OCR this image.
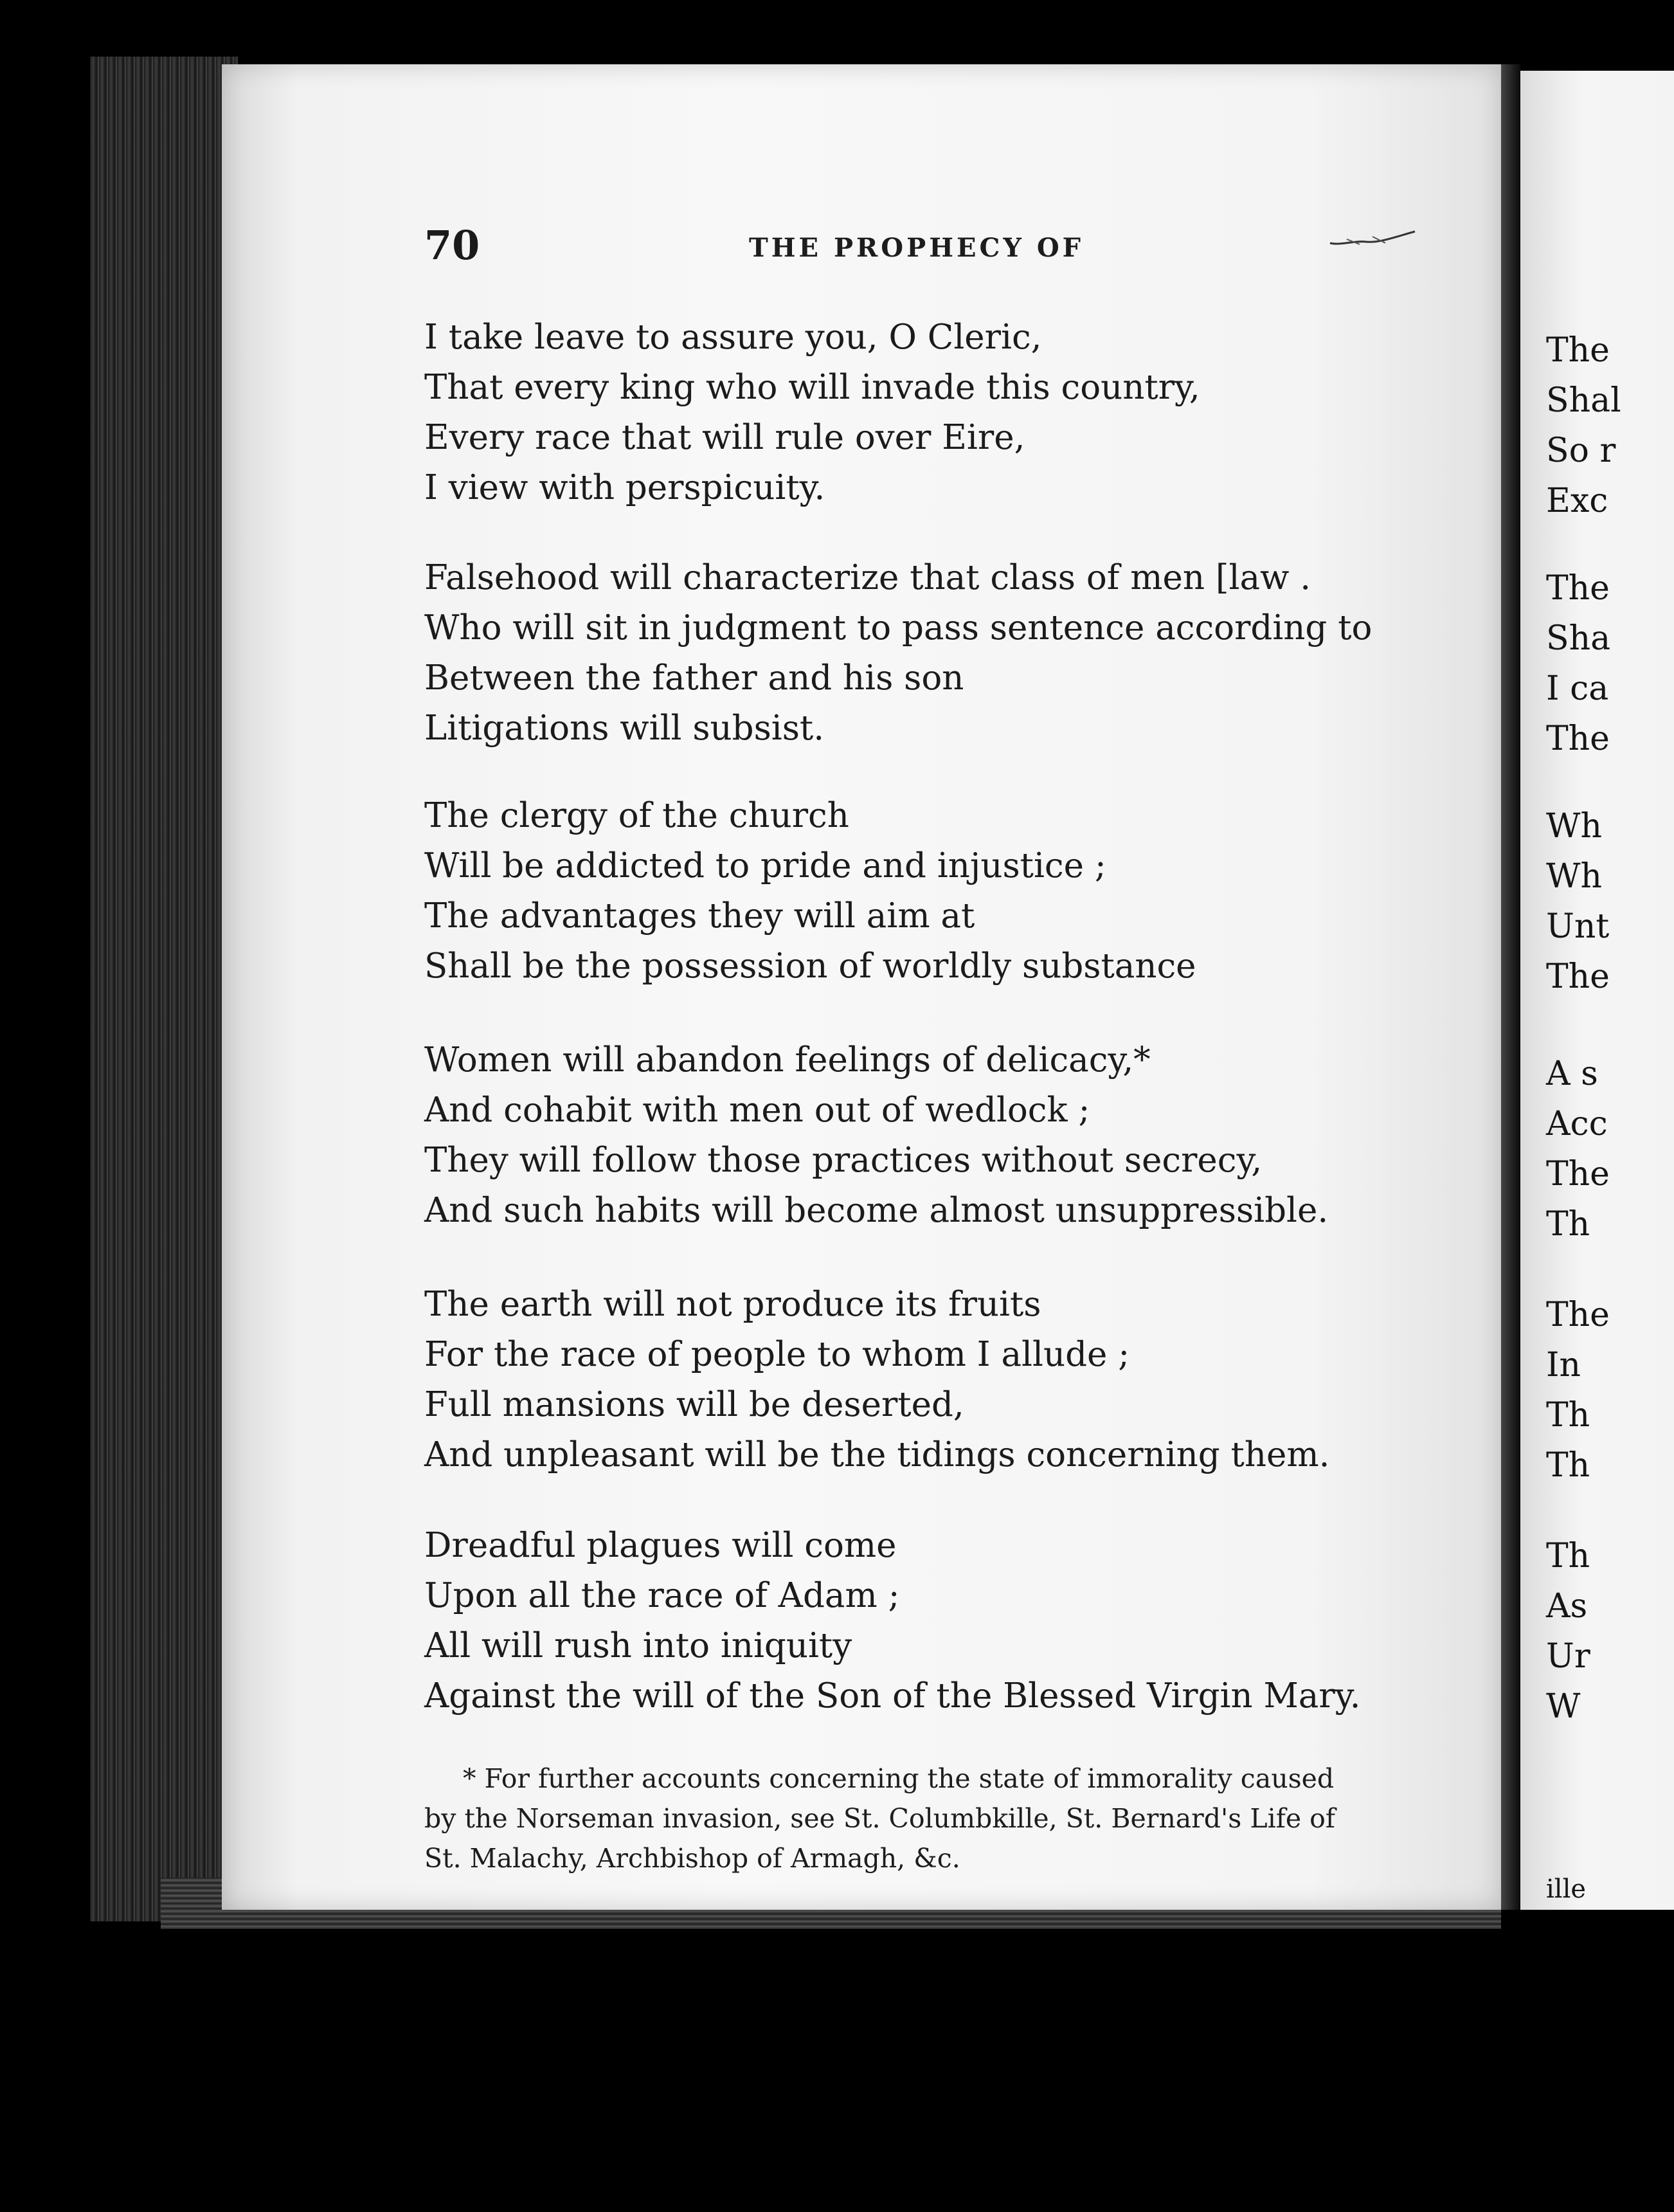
The
Shal
So r
Exc
The
Sha
I ca
The
Wh
Wh
Unt
The
A s
Acc
The
Th
The
In
Th
Th
Th
As
Ur
W
ille
70	THE PROPHECY OF
I take leave to assure you, O Cleric,
That every king who will invade this country,
Every race that will rule over Eire,
I view with perspicuity.
Falsehood will characterize that class of men [law .
Who will sit in judgment to pass sentence according to
Between the father and his son
Litigations will subsist.
The clergy of the church
Will be addicted to pride and injustice ;
The advantages they will aim at
Shall be the possession of worldly substance
Women will abandon feelings of delicacy,*
And cohabit with men out of wedlock ;
They will follow those practices without secrecy,
And such habits will become almost unsuppressible.
The earth will not produce its fruits
For the race of people to whom I allude ;
Full mansions will be deserted,
And unpleasant will be the tidings concerning them.
Dreadful plagues will come
Upon all the race of Adam ;
All will rush into iniquity
Against the will of the Son of the Blessed Virgin Mary.
* For further accounts concerning the state of immorality caused
by the Norseman invasion, see St. Columbkille, St. Bernard's Life of
St. Malachy, Archbishop of Armagh, &c.
